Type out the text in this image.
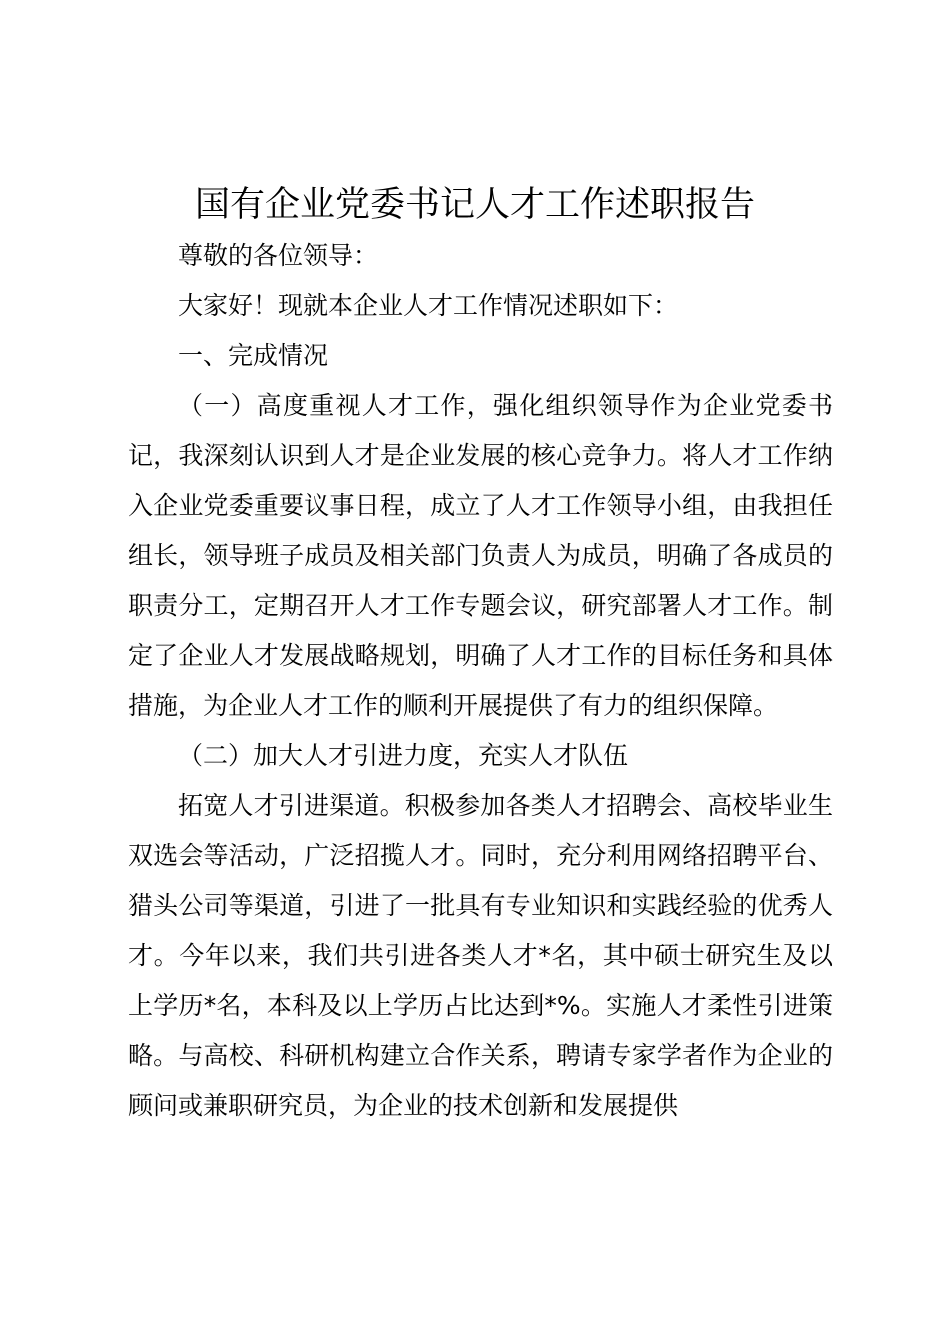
国有企业党委书记人才工作述职报告

尊敬的各位领导：

大家好！现就本企业人才工作情况述职如下：

一、完成情况

（一）高度重视人才工作，强化组织领导作为企业党委书记，我深刻认识到人才是企业发展的核心竞争力。将人才工作纳入企业党委重要议事日程，成立了人才工作领导小组，由我担任组长，领导班子成员及相关部门负责人为成员，明确了各成员的职责分工，定期召开人才工作专题会议，研究部署人才工作。制定了企业人才发展战略规划，明确了人才工作的目标任务和具体措施，为企业人才工作的顺利开展提供了有力的组织保障。

（二）加大人才引进力度，充实人才队伍

拓宽人才引进渠道。积极参加各类人才招聘会、高校毕业生双选会等活动，广泛招揽人才。同时，充分利用网络招聘平台、猎头公司等渠道，引进了一批具有专业知识和实践经验的优秀人才。今年以来，我们共引进各类人才*名，其中硕士研究生及以上学历*名，本科及以上学历占比达到*%。实施人才柔性引进策略。与高校、科研机构建立合作关系，聘请专家学者作为企业的顾问或兼职研究员，为企业的技术创新和发展提供
